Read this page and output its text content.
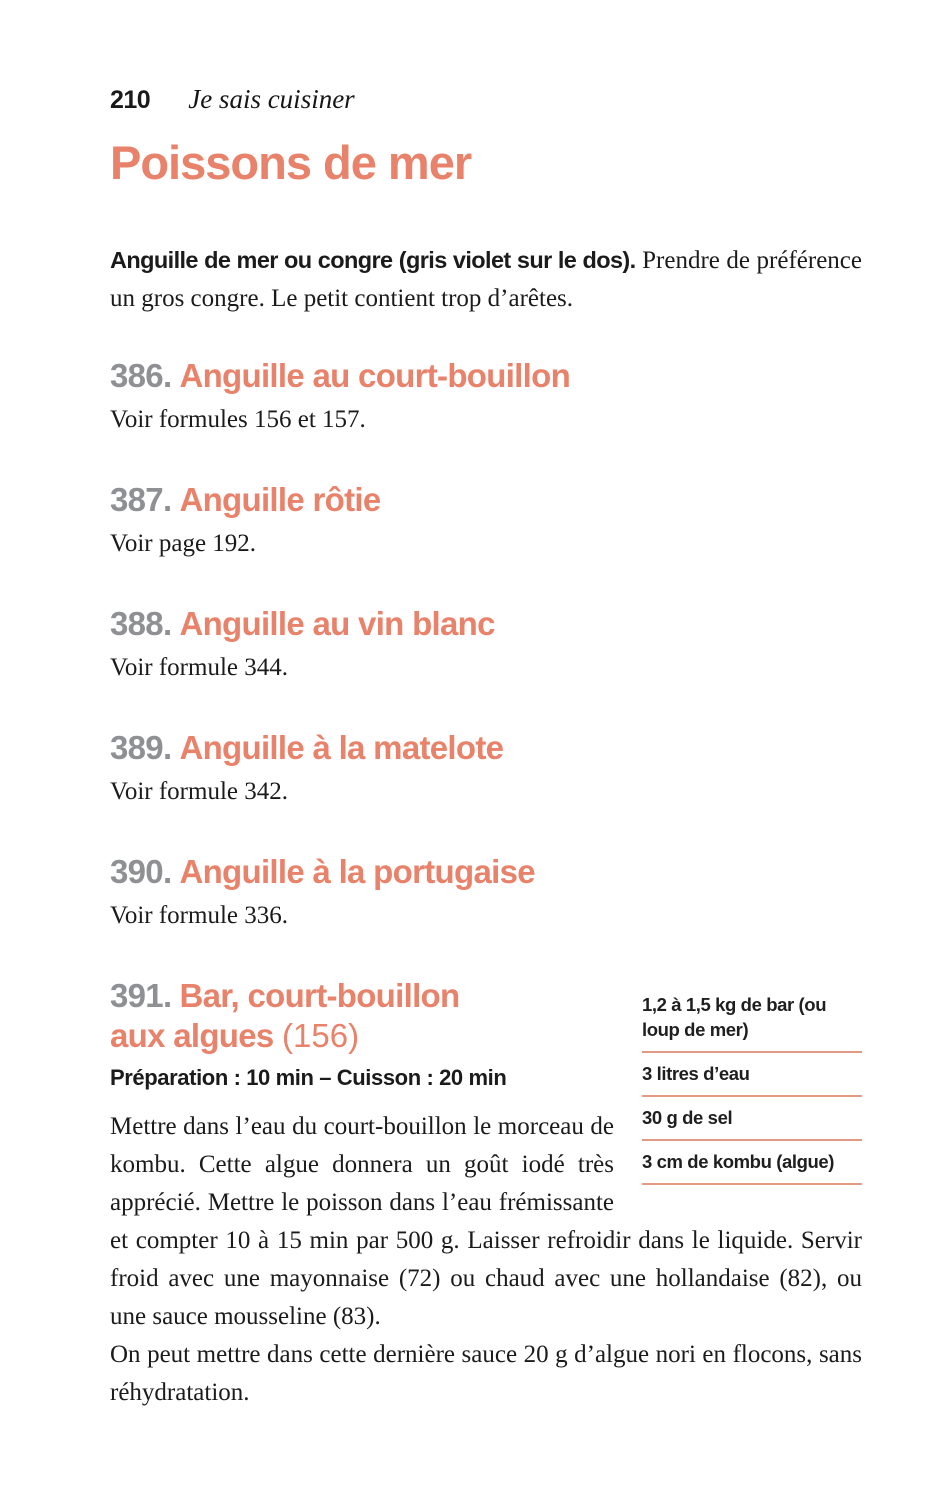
210 Je sais cuisiner
Poissons de mer

Anguille de mer ou congre (gris violet sur le dos). Prendre de préférence un gros congre. Le petit contient trop d’arêtes.

386. Anguille au court-bouillon

Voir formules 156 et 157.

387. Anguille rôtie

Voir page 192.

388. Anguille au vin blanc

Voir formule 344.

389. Anguille à la matelote

Voir formule 342.

390. Anguille à la portugaise

Voir formule 336.

1,2 à 1,5 kg de bar (ou loup de mer)
3 litres d’eau
30 g de sel
3 cm de kombu (algue)
391. Bar, court-bouillon
aux algues (156)

Préparation : 10 min – Cuisson : 20 min

Mettre dans l’eau du court-bouillon le morceau de kombu. Cette algue donnera un goût iodé très apprécié. Mettre le poisson dans l’eau frémissante et compter 10 à 15 min par 500 g. Laisser refroidir dans le liquide. Servir froid avec une mayonnaise (72) ou chaud avec une hollandaise (82), ou une sauce mousseline (83).

On peut mettre dans cette dernière sauce 20 g d’algue nori en flocons, sans réhydratation.
